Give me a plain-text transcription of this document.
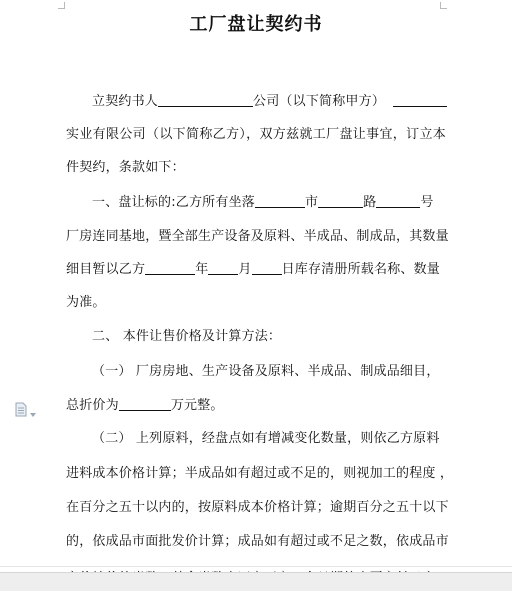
工厂盘让契约书
立契约书人	公司（以下简称甲方）
实业有限公司（以下简称乙方），双方兹就工厂盘让事宜，订立本
件契约，条款如下：
一、盘让标的:乙方所有坐落	市	路	号
厂房连同基地，暨全部生产设备及原料、半成品、制成品，其数量
细目暂以乙方	年 月 日库存清册所载名称、数量
为准。
二、 本件让售价格及计算方法：
（一） 厂房房地、生产设备及原料、半成品、制成品细目，
总折价为	万元整。
（二） 上列原料，经盘点如有增减变化数量，则依乙方原料
进料成本价格计算；半成品如有超过或不足的，则视加工的程度 ，
在百分之五十以内的，按原料成本价格计算；逾期百分之五十以下
的，依成品市面批发价计算；成品如有超过或不足之数，依成品市
